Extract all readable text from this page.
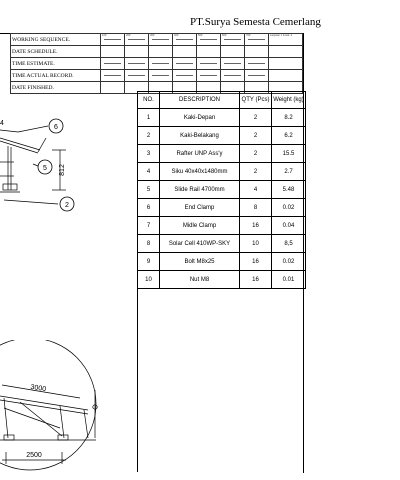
PT.Surya Semesta Cemerlang
WORKING SEQUENCE.	100	200	300	400	500	600	700	Lanjutan 1 & Hal. 3

DATE SCHEDULE.								
TIME ESTIMATE.	

TIME ACTUAL RECORD.	

DATE FINISHED.								
NO.	DESCRIPTION	QTY (Pcs)	Weight (kg)
1	Kaki-Depan	2	8.2
2	Kaki-Belakang	2	6.2
3	Rafter UNP Ass'y	2	15.5
4	Siku 40x40x1480mm	2	2.7
5	Slide Rail 4700mm	4	5.48
6	End Clamp	8	0.02
7	Midle Clamp	16	0.04
8	Solar Cell 410WP-SKY	10	8,5
9	Bolt M8x25	16	0.02
10	Nut M8	16	0.01
6
5
2
4
812
3000
2500
